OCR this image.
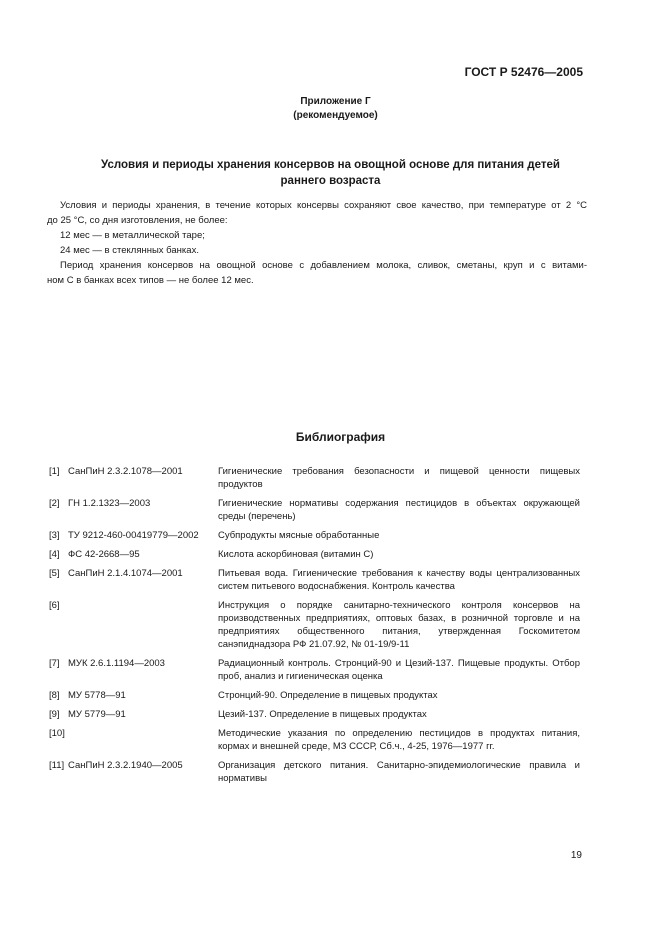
ГОСТ Р 52476—2005
Приложение Г
(рекомендуемое)
Условия и периоды хранения консервов на овощной основе для питания детей
раннего возраста

Условия и периоды хранения, в течение которых консервы сохраняют свое качество, при температуре от 2 °C

до 25 °C, со дня изготовления, не более:

12 мес — в металлической таре;

24 мес — в стеклянных банках.

Период хранения консервов на овощной основе с добавлением молока, сливок, сметаны, круп и с витами-

ном С в банках всех типов — не более 12 мес.

Библиография
[1] СанПиН 2.3.2.1078—2001	Гигиенические требования безопасности и пищевой ценности пищевых продуктов
[2] ГН 1.2.1323—2003	Гигиенические нормативы содержания пестицидов в объектах окружающей среды (перечень)
[3] ТУ 9212-460-00419779—2002 Субпродукты мясные обработанные
[4] ФС 42-2668—95	Кислота аскорбиновая (витамин С)
[5] СанПиН 2.1.4.1074—2001	Питьевая вода. Гигиенические требования к качеству воды централизованных систем питьевого водоснабжения. Контроль качества
[6]	Инструкция о порядке санитарно-технического контроля консервов на производственных предприятиях, оптовых базах, в розничной торговле и на предприятиях общественного питания, утвержденная Госкомитетом санэпиднадзора РФ 21.07.92, № 01-19/9-11
[7] МУК 2.6.1.1194—2003	Радиационный контроль. Стронций-90 и Цезий-137. Пищевые продукты. Отбор проб, анализ и гигиеническая оценка
[8] МУ 5778—91	Стронций-90. Определение в пищевых продуктах
[9] МУ 5779—91	Цезий-137. Определение в пищевых продуктах
[10]	Методические указания по определению пестицидов в продуктах питания, кормах и внешней среде, МЗ СССР, Сб.ч., 4-25, 1976—1977 гг.
[11] СанПиН 2.3.2.1940—2005	Организация детского питания. Санитарно-эпидемиологические правила и нормативы
19
